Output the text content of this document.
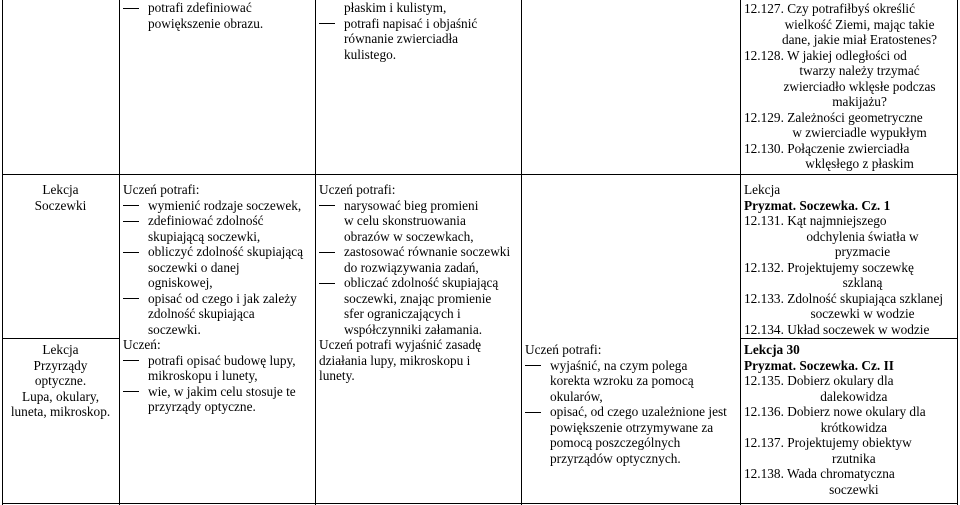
potrafi zdefiniować
powiększenie obrazu.
płaskim i kulistym,
potrafi napisać i objaśnić
równanie zwierciadła
kulistego.
Lekcja
Soczewki
Lekcja
Przyrządy
optyczne.
Lupa, okulary,
luneta, mikroskop.
Uczeń potrafi:
wymienić rodzaje soczewek,
zdefiniować zdolność
skupiającą soczewki,
obliczyć zdolność skupiającą
soczewki o danej
ogniskowej,
opisać od czego i jak zależy
zdolność skupiająca
soczewki.
Uczeń:
potrafi opisać budowę lupy,
mikroskopu i lunety,
wie, w jakim celu stosuje te
przyrządy optyczne.
Uczeń potrafi:
narysować bieg promieni
w celu skonstruowania
obrazów w soczewkach,
zastosować równanie soczewki
do rozwiązywania zadań,
obliczać zdolność skupiającą
soczewki, znając promienie
sfer ograniczających i
współczynniki załamania.
Uczeń potrafi wyjaśnić zasadę
działania lupy, mikroskopu i
lunety.
Uczeń potrafi:
wyjaśnić, na czym polega
korekta wzroku za pomocą
okularów,
opisać, od czego uzależnione jest
powiększenie otrzymywane za
pomocą poszczególnych
przyrządów optycznych.
12.127. Czy potrafiłbyś określić
wielkość Ziemi, mając takie
dane, jakie miał Eratostenes?
12.128. W jakiej odległości od
twarzy należy trzymać
zwierciadło wklęsłe podczas
makijażu?
12.129. Zależności geometryczne
w zwierciadle wypukłym
12.130. Połączenie zwierciadła
wklęsłego z płaskim
Lekcja
Pryzmat. Soczewka. Cz. 1
12.131. Kąt najmniejszego
odchylenia światła w
pryzmacie
12.132. Projektujemy soczewkę
szklaną
12.133. Zdolność skupiająca szklanej
soczewki w wodzie
12.134. Układ soczewek w wodzie
Lekcja 30
Pryzmat. Soczewka. Cz. II
12.135. Dobierz okulary dla
dalekowidza
12.136. Dobierz nowe okulary dla
krótkowidza
12.137. Projektujemy obiektyw
rzutnika
12.138. Wada chromatyczna
soczewki
